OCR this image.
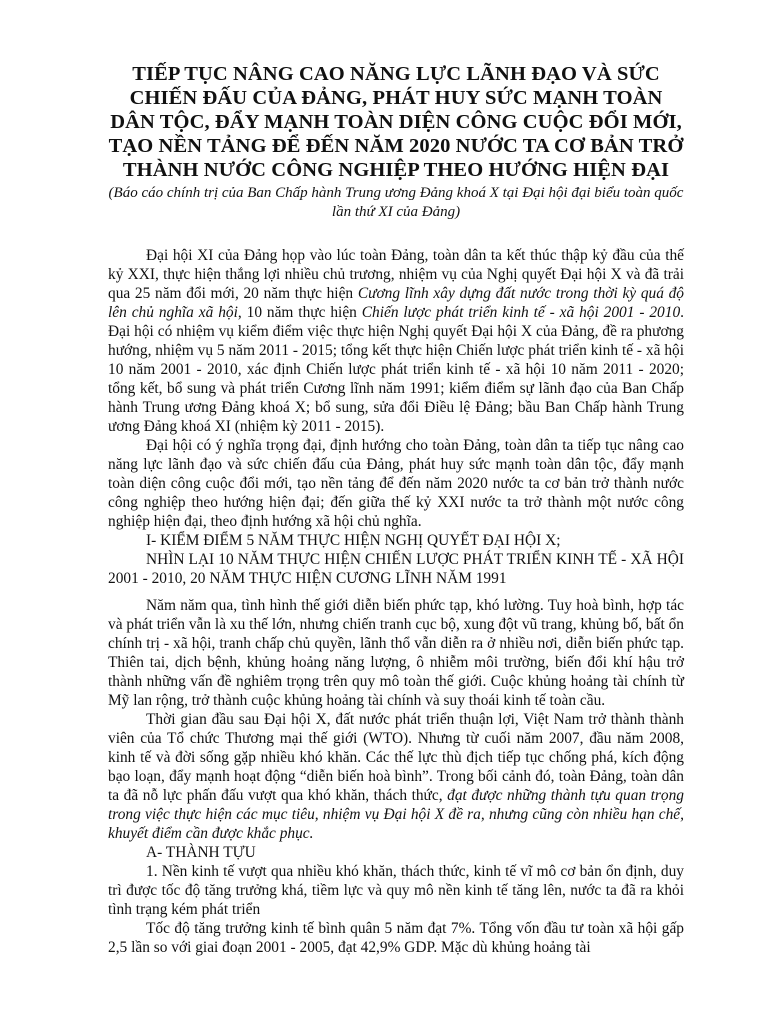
TIẾP TỤC NÂNG CAO NĂNG LỰC LÃNH ĐẠO VÀ SỨC CHIẾN ĐẤU CỦA ĐẢNG, PHÁT HUY SỨC MẠNH TOÀN DÂN TỘC, ĐẨY MẠNH TOÀN DIỆN CÔNG CUỘC ĐỔI MỚI, TẠO NỀN TẢNG ĐỂ ĐẾN NĂM 2020 NƯỚC TA CƠ BẢN TRỞ THÀNH NƯỚC CÔNG NGHIỆP THEO HƯỚNG HIỆN ĐẠI

(Báo cáo chính trị của Ban Chấp hành Trung ương Đảng khoá X tại Đại hội đại biểu toàn quốc lần thứ XI của Đảng)

Đại hội XI của Đảng họp vào lúc toàn Đảng, toàn dân ta kết thúc thập kỷ đầu của thế kỷ XXI, thực hiện thắng lợi nhiều chủ trương, nhiệm vụ của Nghị quyết Đại hội X và đã trải qua 25 năm đổi mới, 20 năm thực hiện Cương lĩnh xây dựng đất nước trong thời kỳ quá độ lên chủ nghĩa xã hội, 10 năm thực hiện Chiến lược phát triển kinh tế - xã hội 2001 - 2010. Đại hội có nhiệm vụ kiểm điểm việc thực hiện Nghị quyết Đại hội X của Đảng, đề ra phương hướng, nhiệm vụ 5 năm 2011 - 2015; tổng kết thực hiện Chiến lược phát triển kinh tế - xã hội 10 năm 2001 - 2010, xác định Chiến lược phát triển kinh tế - xã hội 10 năm 2011 - 2020; tổng kết, bổ sung và phát triển Cương lĩnh năm 1991; kiểm điểm sự lãnh đạo của Ban Chấp hành Trung ương Đảng khoá X; bổ sung, sửa đổi Điều lệ Đảng; bầu Ban Chấp hành Trung ương Đảng khoá XI (nhiệm kỳ 2011 - 2015).

Đại hội có ý nghĩa trọng đại, định hướng cho toàn Đảng, toàn dân ta tiếp tục nâng cao năng lực lãnh đạo và sức chiến đấu của Đảng, phát huy sức mạnh toàn dân tộc, đẩy mạnh toàn diện công cuộc đổi mới, tạo nền tảng để đến năm 2020 nước ta cơ bản trở thành nước công nghiệp theo hướng hiện đại; đến giữa thế kỷ XXI nước ta trở thành một nước công nghiệp hiện đại, theo định hướng xã hội chủ nghĩa.

I- KIỂM ĐIỂM 5 NĂM THỰC HIỆN NGHỊ QUYẾT ĐẠI HỘI X;

NHÌN LẠI 10 NĂM THỰC HIỆN CHIẾN LƯỢC PHÁT TRIỂN KINH TẾ - XÃ HỘI 2001 - 2010, 20 NĂM THỰC HIỆN CƯƠNG LĨNH NĂM 1991

Năm năm qua, tình hình thế giới diễn biến phức tạp, khó lường. Tuy hoà bình, hợp tác và phát triển vẫn là xu thế lớn, nhưng chiến tranh cục bộ, xung đột vũ trang, khủng bố, bất ổn chính trị - xã hội, tranh chấp chủ quyền, lãnh thổ vẫn diễn ra ở nhiều nơi, diễn biến phức tạp. Thiên tai, dịch bệnh, khủng hoảng năng lượng, ô nhiễm môi trường, biến đổi khí hậu trở thành những vấn đề nghiêm trọng trên quy mô toàn thế giới. Cuộc khủng hoảng tài chính từ Mỹ lan rộng, trở thành cuộc khủng hoảng tài chính và suy thoái kinh tế toàn cầu.

Thời gian đầu sau Đại hội X, đất nước phát triển thuận lợi, Việt Nam trở thành thành viên của Tổ chức Thương mại thế giới (WTO). Nhưng từ cuối năm 2007, đầu năm 2008, kinh tế và đời sống gặp nhiều khó khăn. Các thế lực thù địch tiếp tục chống phá, kích động bạo loạn, đẩy mạnh hoạt động “diễn biến hoà bình”. Trong bối cảnh đó, toàn Đảng, toàn dân ta đã nỗ lực phấn đấu vượt qua khó khăn, thách thức, đạt được những thành tựu quan trọng trong việc thực hiện các mục tiêu, nhiệm vụ Đại hội X đề ra, nhưng cũng còn nhiều hạn chế, khuyết điểm cần được khắc phục.

A- THÀNH TỰU

1. Nền kinh tế vượt qua nhiều khó khăn, thách thức, kinh tế vĩ mô cơ bản ổn định, duy trì được tốc độ tăng trưởng khá, tiềm lực và quy mô nền kinh tế tăng lên, nước ta đã ra khỏi tình trạng kém phát triển

Tốc độ tăng trưởng kinh tế bình quân 5 năm đạt 7%. Tổng vốn đầu tư toàn xã hội gấp 2,5 lần so với giai đoạn 2001 - 2005, đạt 42,9% GDP. Mặc dù khủng hoảng tài
